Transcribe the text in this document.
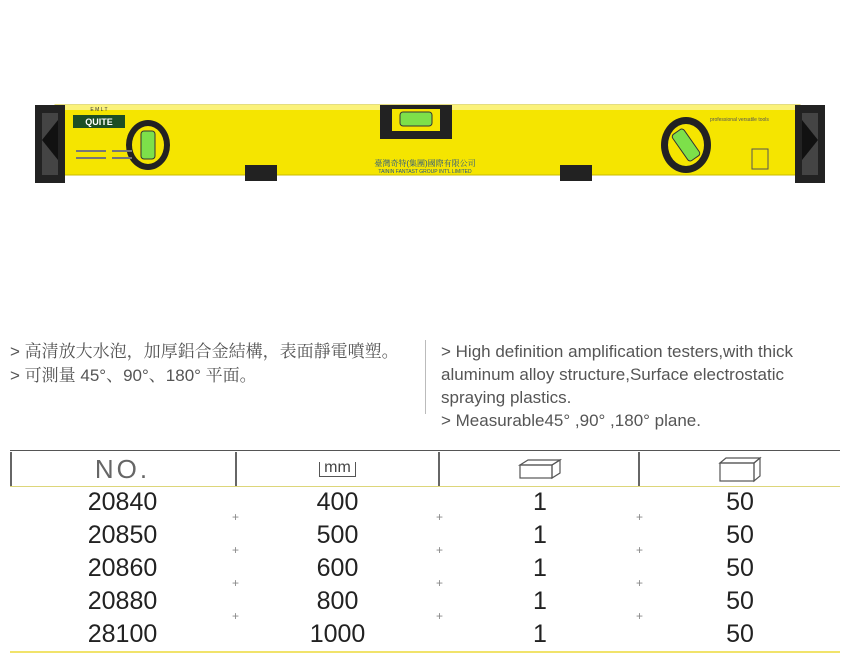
QUITE
E M L T
臺灣奇特(集團)國際有限公司
TAININ FANTAST GROUP INT'L LIMITED
professional versatile tools
> 高清放大水泡，加厚鋁合金結構，表面靜電噴塑。
> 可測量 45°、90°、180° 平面。
> High definition amplification testers,with thick
aluminum alloy structure,Surface electrostatic
spraying plastics.
> Measurable45° ,90° ,180° plane.
NO.	mm
20840	400	1	50
+	+	+
20850	500	1	50
+	+	+
20860	600	1	50
+	+	+
20880	800	1	50
+	+	+
28100	1000	1	50
